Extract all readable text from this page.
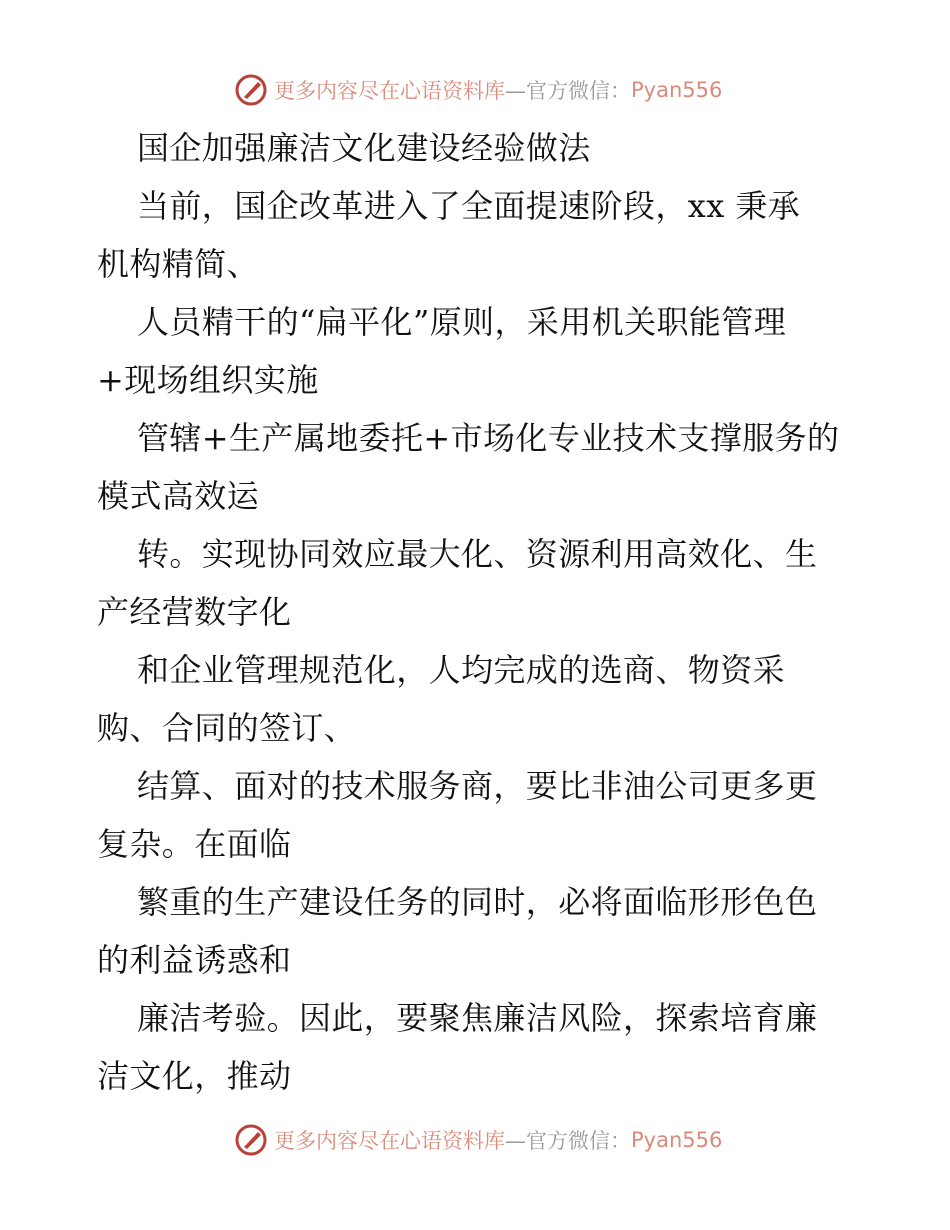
更多内容尽在心语资料库 —官方微信： Pyan556
国企加强廉洁文化建设经验做法
当前，国企改革进入了全面提速阶段，xx 秉承
机构精简、
人员精干的“扁平化”原则，采用机关职能管理
+现场组织实施
管辖+生产属地委托+市场化专业技术支撑服务的
模式高效运
转。实现协同效应最大化、资源利用高效化、生
产经营数字化
和企业管理规范化，人均完成的选商、物资采
购、合同的签订、
结算、面对的技术服务商，要比非油公司更多更
复杂。在面临
繁重的生产建设任务的同时，必将面临形形色色
的利益诱惑和
廉洁考验。因此，要聚焦廉洁风险，探索培育廉
洁文化，推动
更多内容尽在心语资料库 —官方微信： Pyan556
